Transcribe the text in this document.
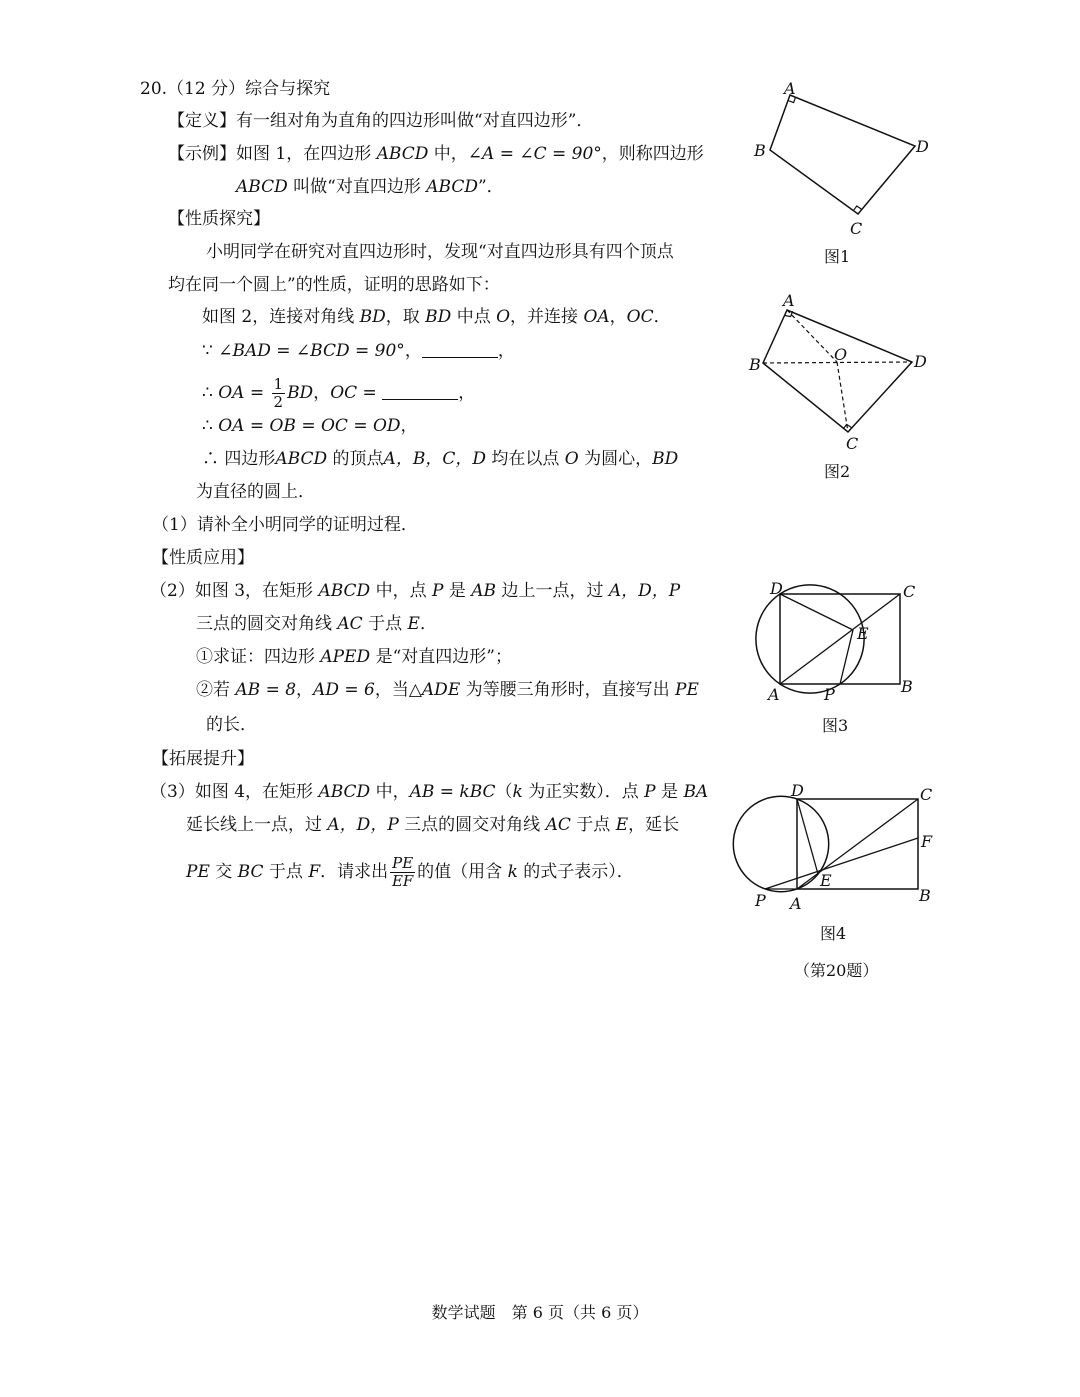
20.（12 分）综合与探究
【定义】有一组对角为直角的四边形叫做“对直四边形”．
【示例】如图 1，在四边形 ABCD 中，∠A = ∠C = 90°，则称四边形
ABCD 叫做“对直四边形 ABCD”．
【性质探究】
小明同学在研究对直四边形时，发现“对直四边形具有四个顶点
均在同一个圆上”的性质，证明的思路如下：
如图 2，连接对角线 BD，取 BD 中点 O，并连接 OA，OC．
∵ ∠BAD = ∠BCD = 90°，	，
∴ OA = $\frac{1}{2}$ BD，OC =	，
∴ OA = OB = OC = OD，
∴ 四边形ABCD 的顶点A，B，C，D 均在以点 O 为圆心，BD
为直径的圆上．
（1）请补全小明同学的证明过程．
【性质应用】
（2）如图 3，在矩形 ABCD 中，点 P 是 AB 边上一点，过 A，D，P
三点的圆交对角线 AC 于点 E．
①求证：四边形 APED 是“对直四边形”；
②若 AB = 8，AD = 6，当△ADE 为等腰三角形时，直接写出 PE
的长．
【拓展提升】
（3）如图 4，在矩形 ABCD 中，AB = kBC（k 为正实数）．点 P 是 BA
延长线上一点，过 A，D，P 三点的圆交对角线 AC 于点 E，延长
PE 交 BC 于点 F．请求出 $\frac{PE}{EF}$ 的值（用含 k 的式子表示）．
A
B
C
D
图1
A
B
C
D
O
图2
D	C
E
A	P	B
图3
D	C
F
E
B
P A
图4
（第20题）
数学试题　第 6 页（共 6 页）
